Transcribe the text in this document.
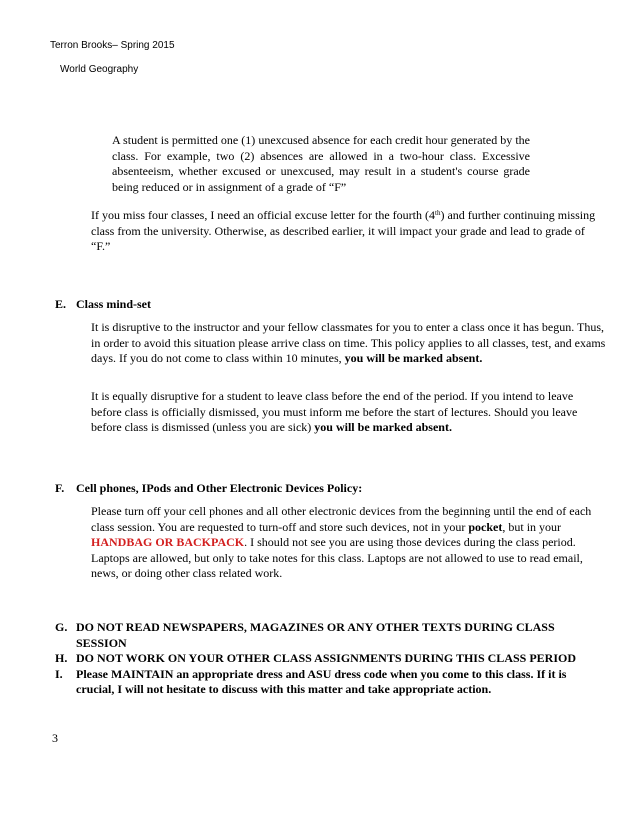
Terron Brooks– Spring 2015
World Geography
A student is permitted one (1) unexcused absence for each credit hour generated by the class. For example, two (2) absences are allowed in a two-hour class. Excessive absenteeism, whether excused or unexcused, may result in a student's course grade being reduced or in assignment of a grade of “F”
If you miss four classes, I need an official excuse letter for the fourth (4th) and further continuing missing class from the university. Otherwise, as described earlier, it will impact your grade and lead to grade of “F.”
E. Class mind-set
It is disruptive to the instructor and your fellow classmates for you to enter a class once it has begun. Thus, in order to avoid this situation please arrive class on time. This policy applies to all classes, test, and exams days. If you do not come to class within 10 minutes, you will be marked absent.
It is equally disruptive for a student to leave class before the end of the period. If you intend to leave before class is officially dismissed, you must inform me before the start of lectures. Should you leave before class is dismissed (unless you are sick) you will be marked absent.
F. Cell phones, IPods and Other Electronic Devices Policy:
Please turn off your cell phones and all other electronic devices from the beginning until the end of each class session. You are requested to turn-off and store such devices, not in your pocket, but in your HANDBAG OR BACKPACK. I should not see you are using those devices during the class period. Laptops are allowed, but only to take notes for this class. Laptops are not allowed to use to read email, news, or doing other class related work.
G. DO NOT READ NEWSPAPERS, MAGAZINES OR ANY OTHER TEXTS DURING CLASS SESSION
H. DO NOT WORK ON YOUR OTHER CLASS ASSIGNMENTS DURING THIS CLASS PERIOD
I. Please MAINTAIN an appropriate dress and ASU dress code when you come to this class. If it is crucial, I will not hesitate to discuss with this matter and take appropriate action.
3
